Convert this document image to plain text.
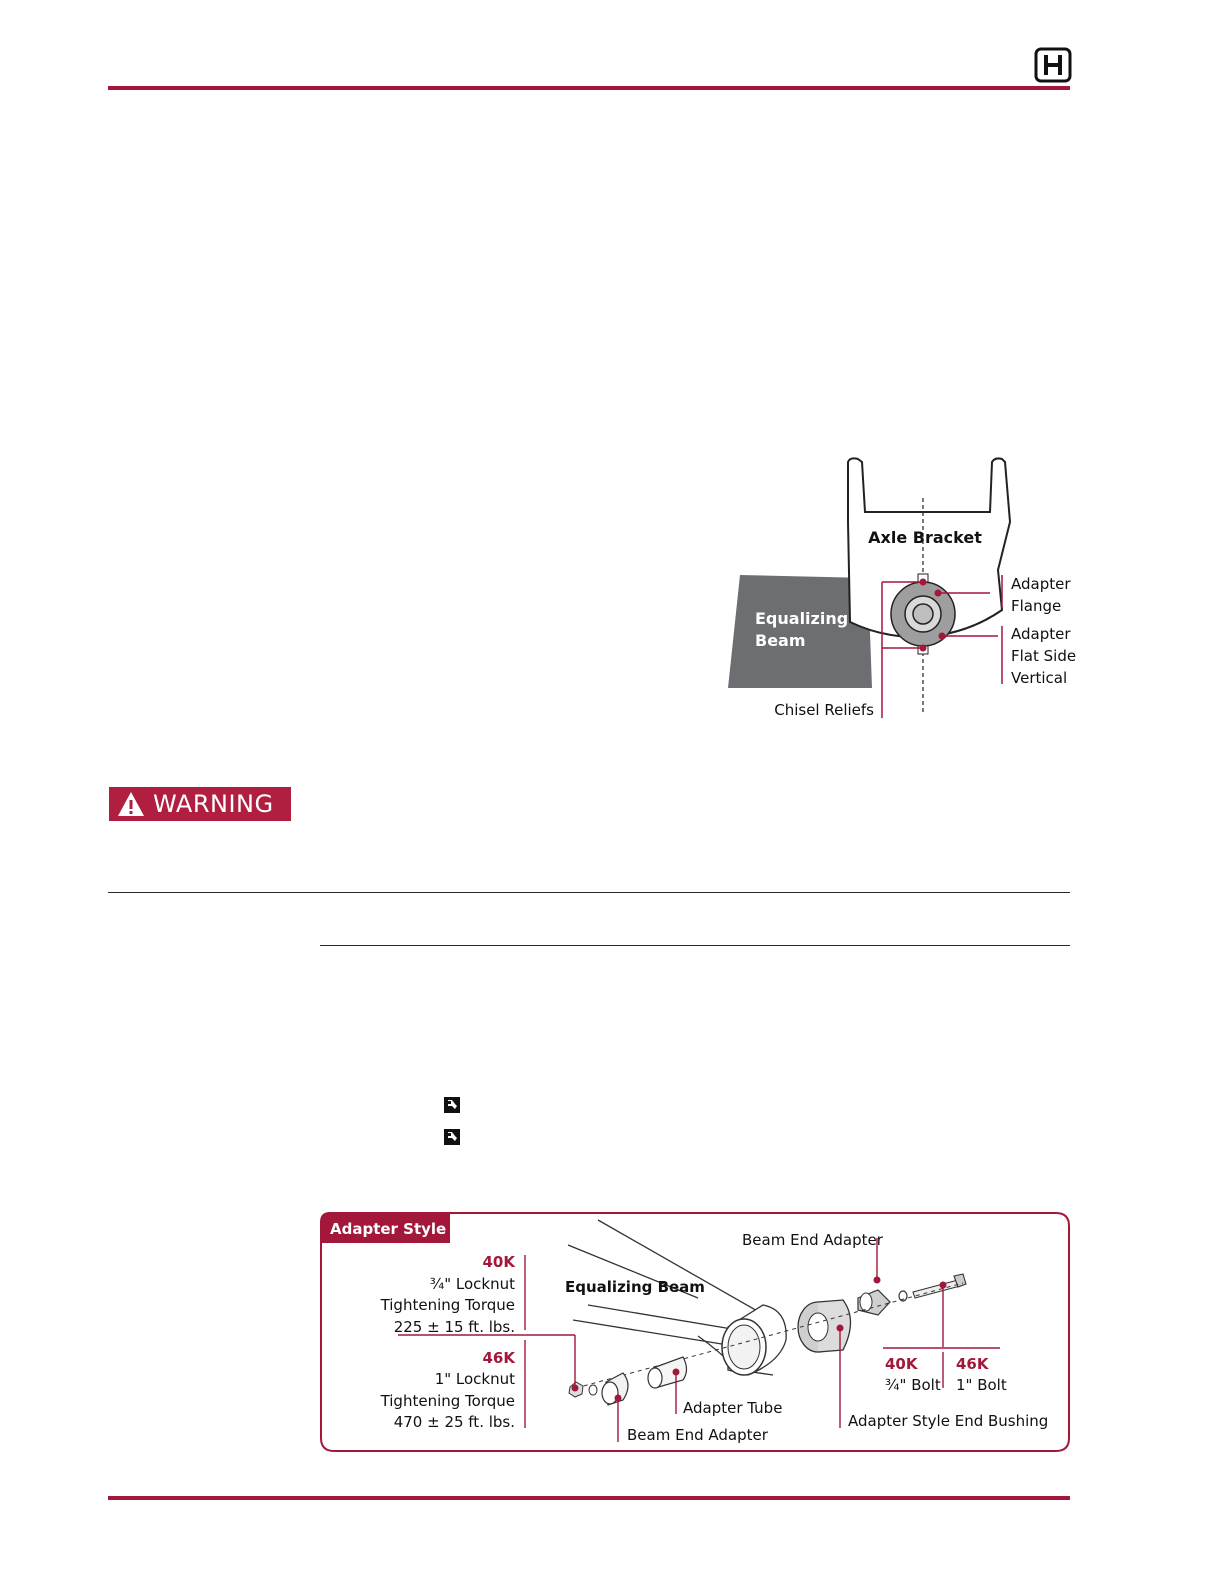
Axle Bracket
Equalizing
Beam
Adapter
Flange
Adapter
Flat Side
Vertical
Chisel Reliefs
WARNING
Adapter Style
Equalizing Beam
Beam End Adapter
40K
¾" Locknut
Tightening Torque
225 ± 15 ft. lbs.
46K
1" Locknut
Tightening Torque
470 ± 25 ft. lbs.
Adapter Tube
Beam End Adapter
40K
¾" Bolt
46K
1" Bolt
Adapter Style End Bushing
